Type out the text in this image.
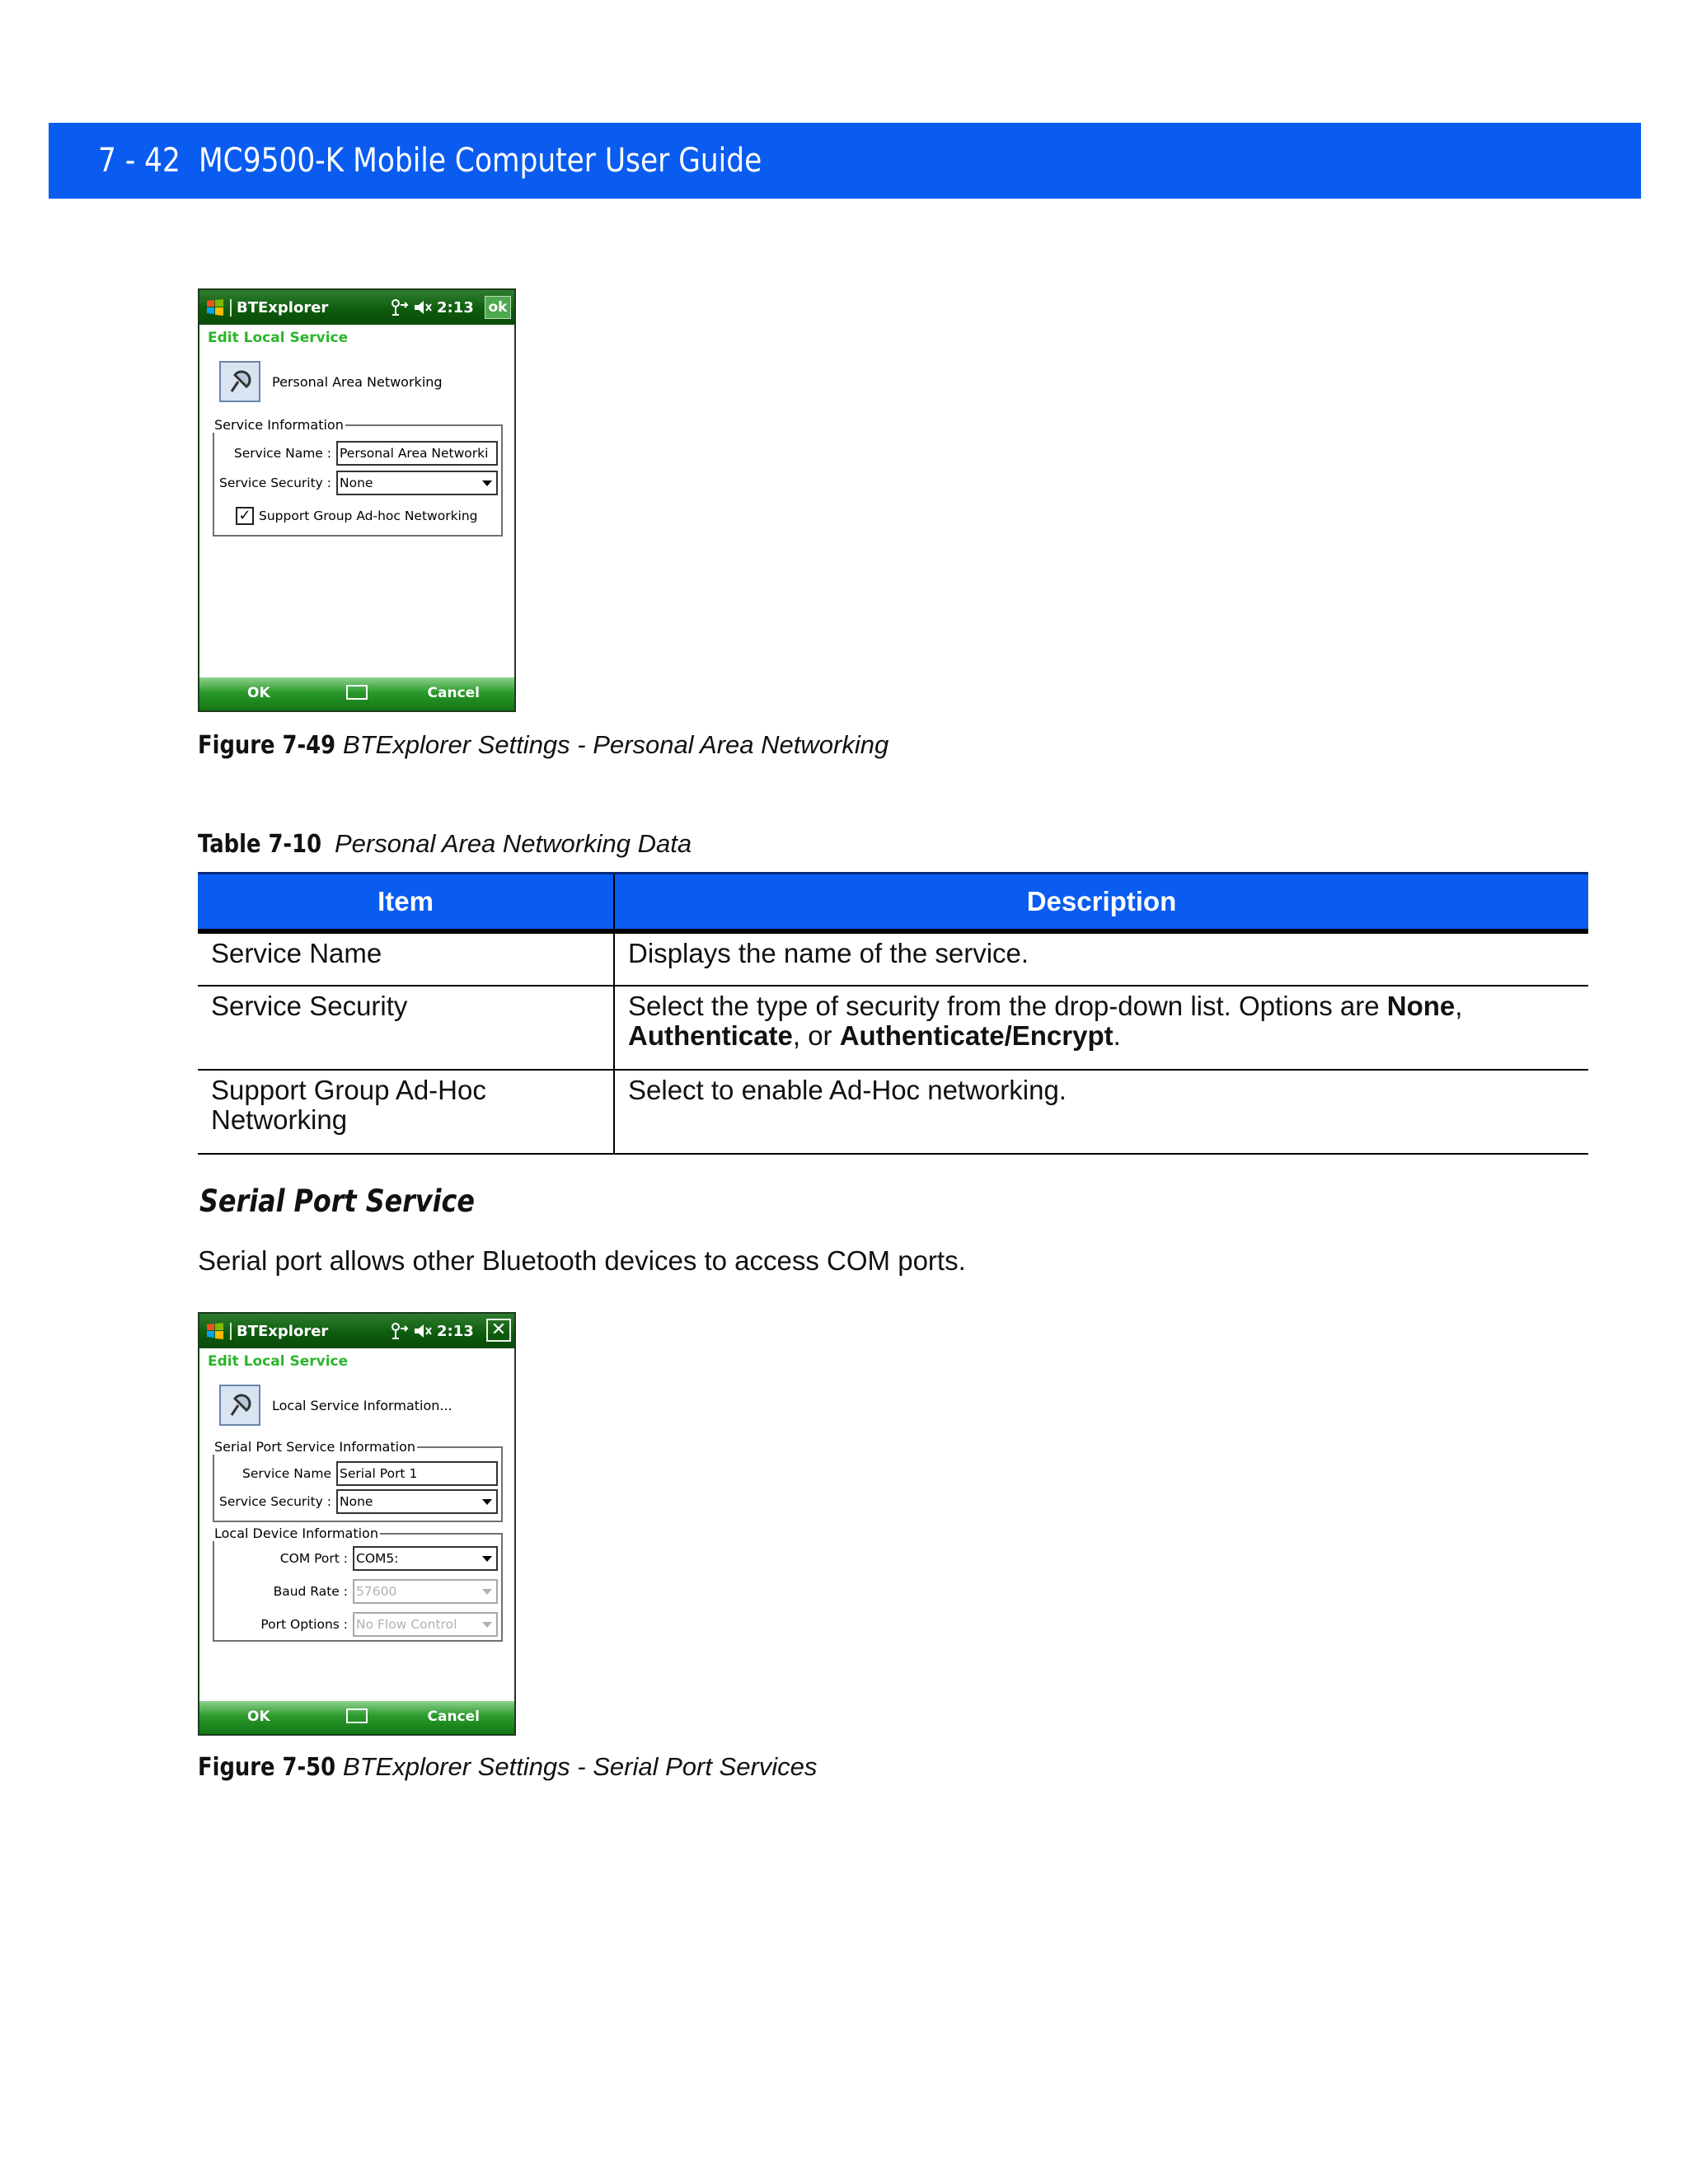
7 - 42 MC9500-K Mobile Computer User Guide
BTExplorer	2:13 ok
Edit Local Service
Personal Area Networking
Service Information
Service Name : Personal Area Networki
Service Security : None
✓ Support Group Ad-hoc Networking
OK	Cancel
Figure 7-49 BTExplorer Settings - Personal Area Networking
Table 7-10 Personal Area Networking Data
Item	Description
Service Name	Displays the name of the service.
Service Security	Select the type of security from the drop-down list. Options are None,
Authenticate, or Authenticate/Encrypt.
Support Group Ad-Hoc
Networking	Select to enable Ad-Hoc networking.
Serial Port Service
Serial port allows other Bluetooth devices to access COM ports.
BTExplorer	2:13 ✕
Edit Local Service
Local Service Information...
Serial Port Service Information
Service Name Serial Port 1
Service Security : None
Local Device Information
COM Port : COM5:
Baud Rate : 57600
Port Options : No Flow Control
OK	Cancel
Figure 7-50 BTExplorer Settings - Serial Port Services
